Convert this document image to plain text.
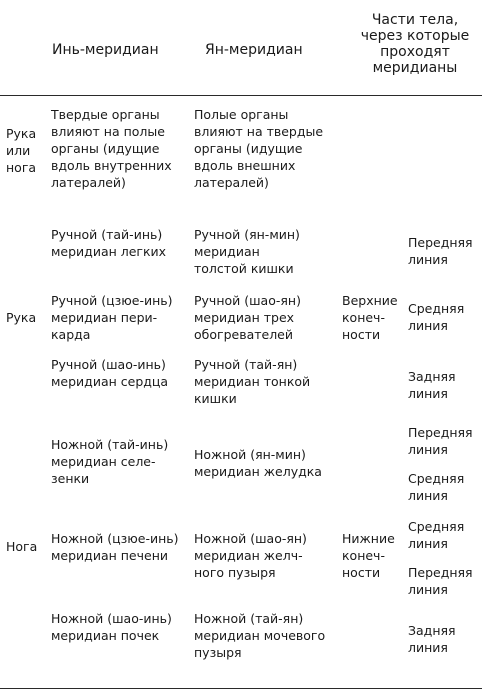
Инь-меридиан	Ян-меридиан
Части тела,
через которые
проходят
меридианы
Рука
или
нога
Твердые органы
влияют на полые
органы (идущие
вдоль внутренних
латералей)
Полые органы
влияют на твердые
органы (идущие
вдоль внешних
латералей)
Рука
Верхние
конеч-
ности
Ручной (тай-инь)
меридиан легких
Ручной (ян-мин)
меридиан
толстой кишки
Передняя
линия
Ручной (цзюе-инь)
меридиан пери-
карда
Ручной (шао-ян)
меридиан трех
обогревателей
Средняя
линия
Ручной (шао-инь)
меридиан сердца
Ручной (тай-ян)
меридиан тонкой
кишки
Задняя
линия
Нога
Нижние
конеч-
ности
Ножной (тай-инь)
меридиан селе-
зенки
Ножной (ян-мин)
меридиан желудка
Передняя
линия
Средняя
линия
Ножной (цзюе-инь)
меридиан печени
Ножной (шао-ян)
меридиан желч-
ного пузыря
Средняя
линия
Передняя
линия
Ножной (шао-инь)
меридиан почек
Ножной (тай-ян)
меридиан мочевого
пузыря
Задняя
линия
